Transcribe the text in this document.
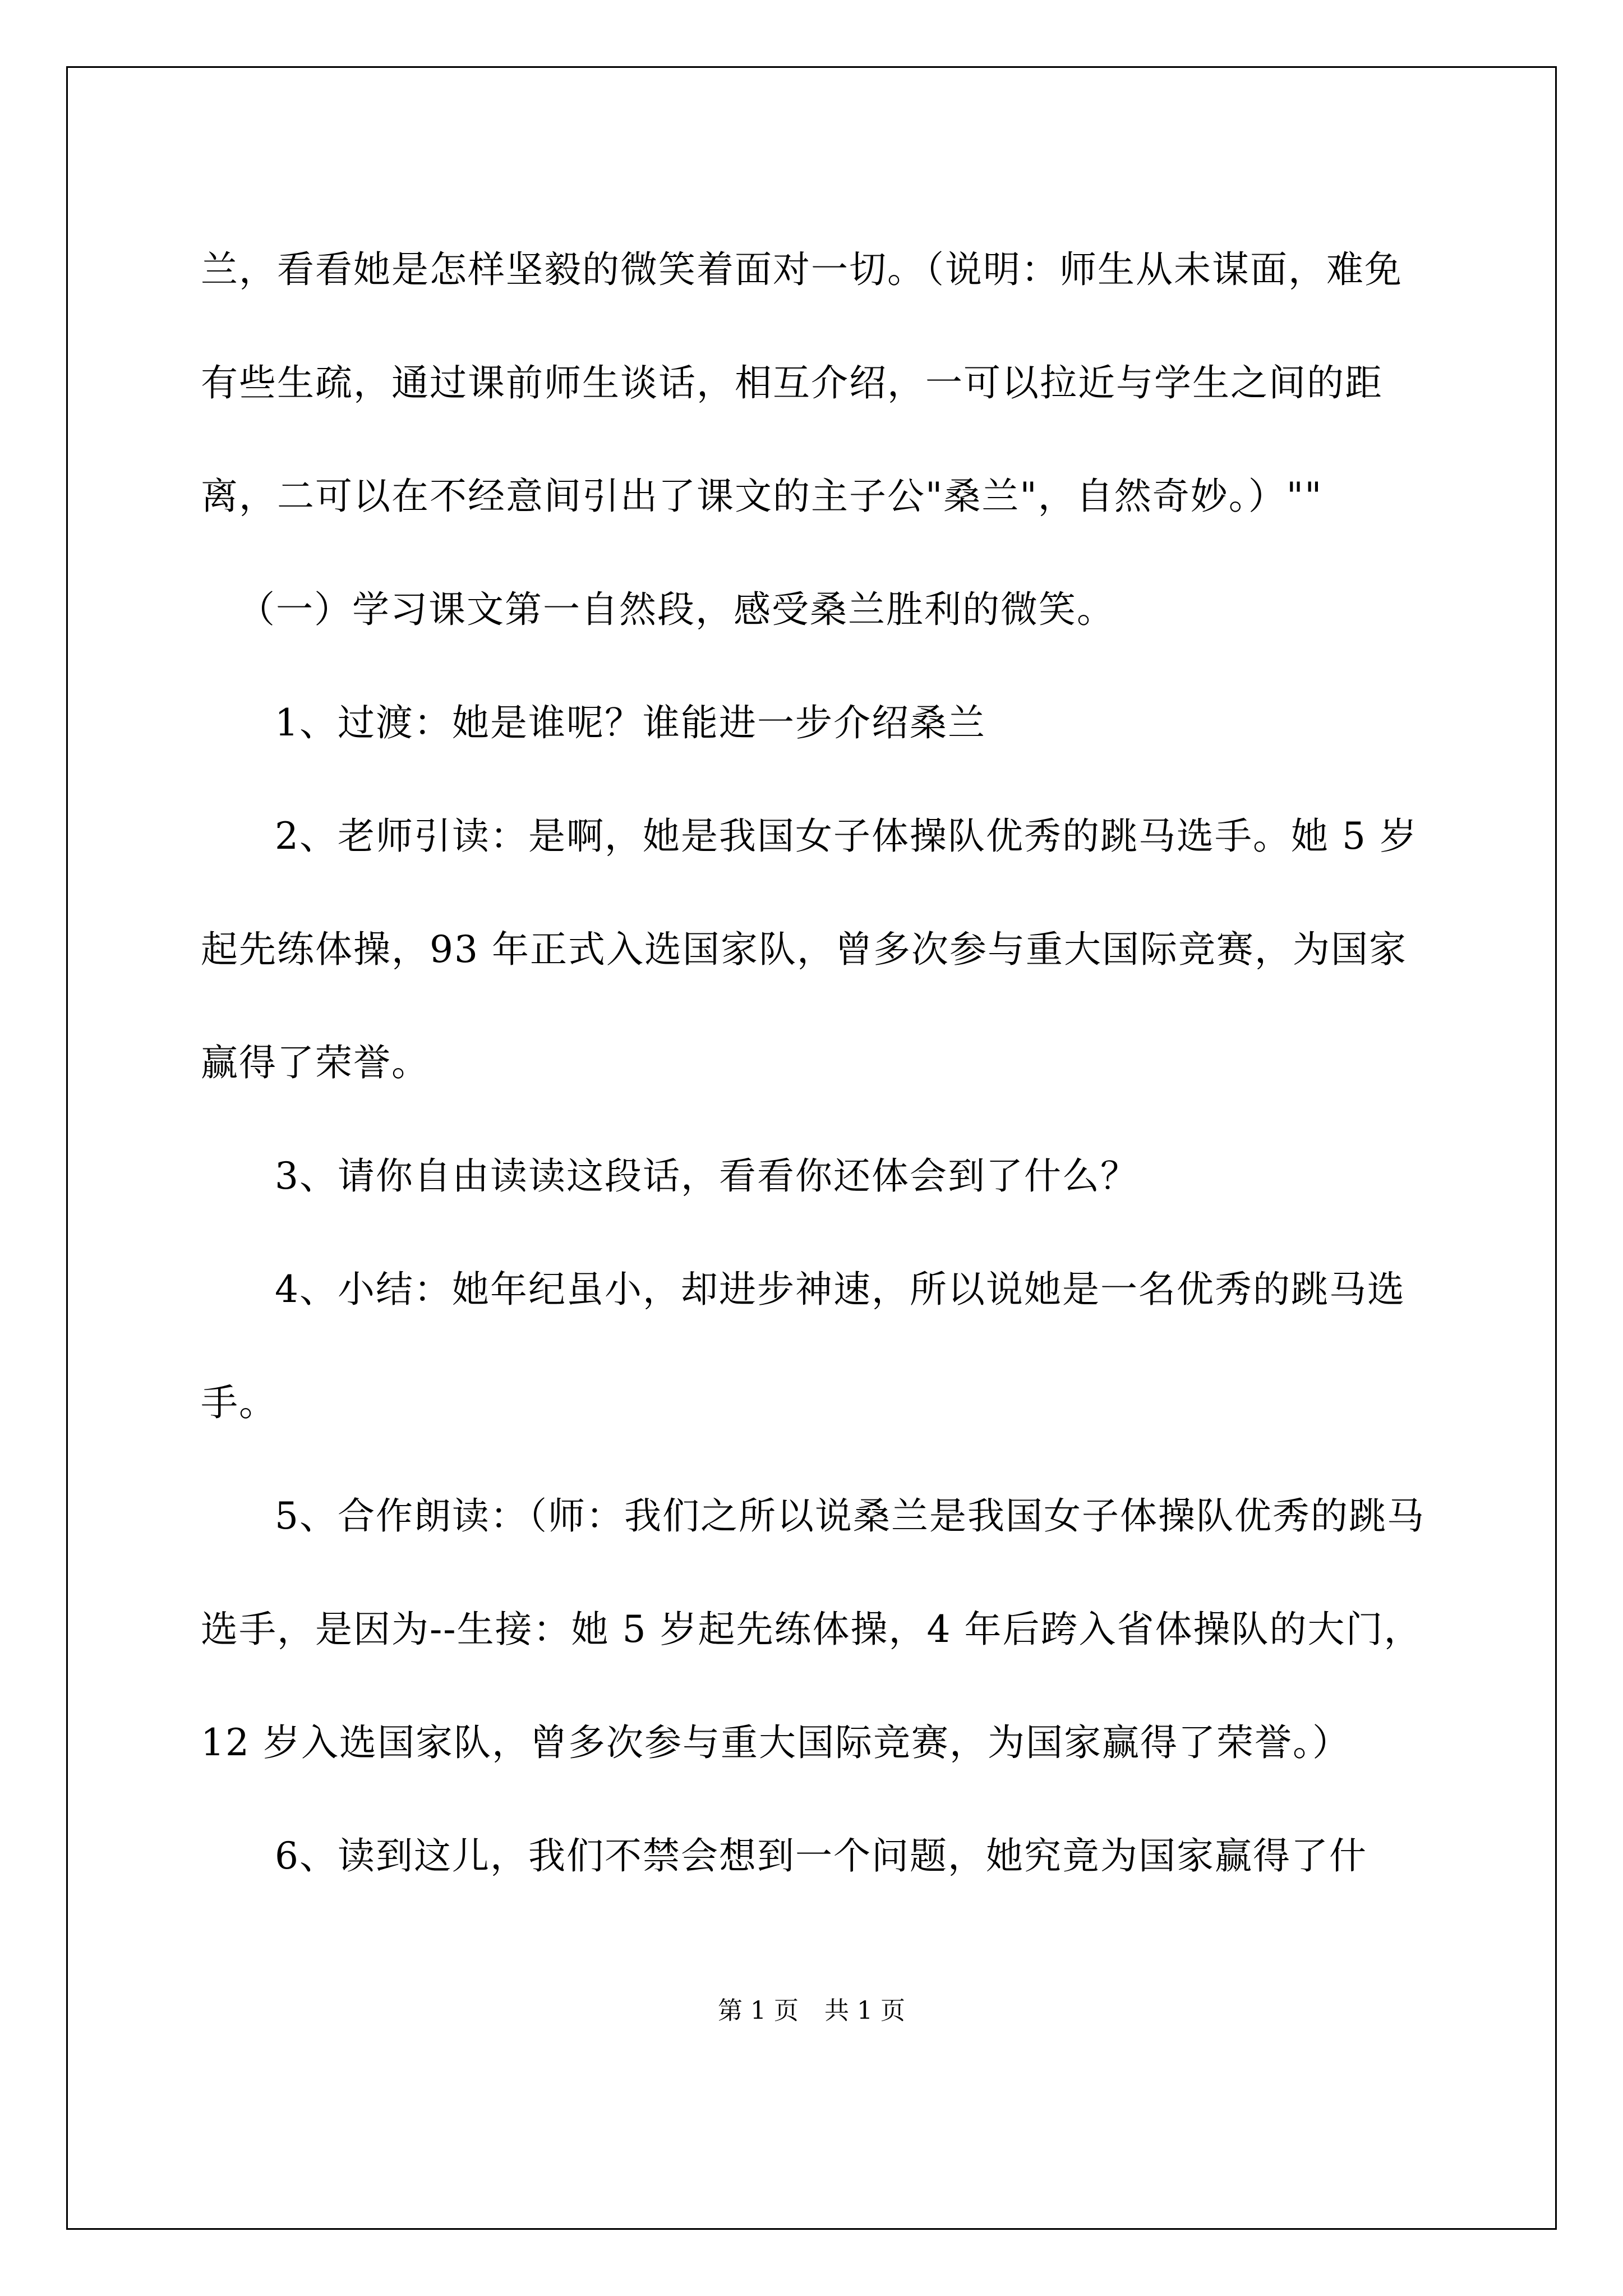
兰，看看她是怎样坚毅的微笑着面对一切。（说明：师生从未谋面，难免有些生疏，通过课前师生谈话，相互介绍，一可以拉近与学生之间的距离，二可以在不经意间引出了课文的主子公"桑兰"，自然奇妙。）""

（一）学习课文第一自然段，感受桑兰胜利的微笑。

1、过渡：她是谁呢？谁能进一步介绍桑兰

2、老师引读：是啊，她是我国女子体操队优秀的跳马选手。她 5 岁起先练体操，93 年正式入选国家队，曾多次参与重大国际竞赛，为国家赢得了荣誉。

3、请你自由读读这段话，看看你还体会到了什么？

4、小结：她年纪虽小，却进步神速，所以说她是一名优秀的跳马选手。

5、合作朗读：（师：我们之所以说桑兰是我国女子体操队优秀的跳马选手，是因为--生接：她 5 岁起先练体操，4 年后跨入省体操队的大门，12 岁入选国家队，曾多次参与重大国际竞赛，为国家赢得了荣誉。）

6、读到这儿，我们不禁会想到一个问题，她究竟为国家赢得了什

第 1 页 共 1 页
